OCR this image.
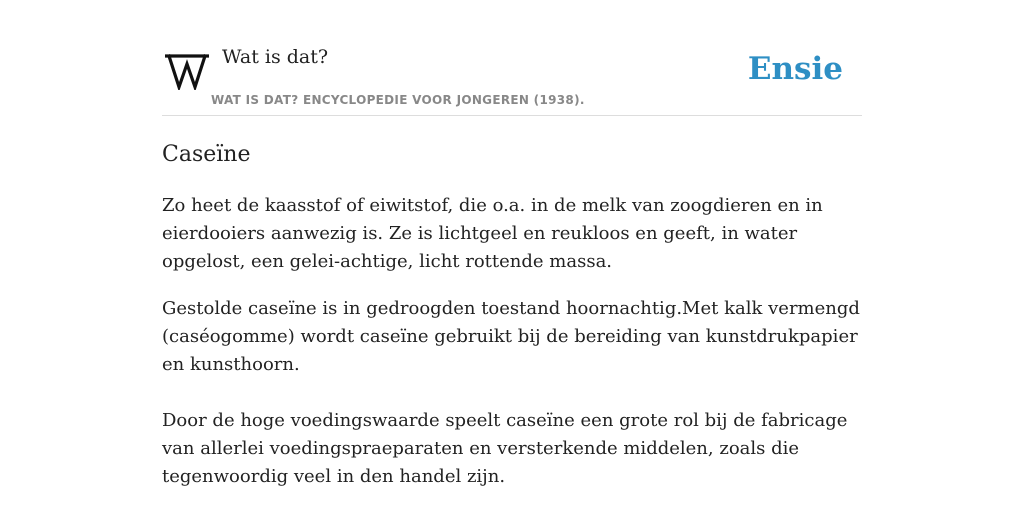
Wat is dat?
WAT IS DAT? ENCYCLOPEDIE VOOR JONGEREN (1938).
Ensie
Caseïne

Zo heet de kaasstof of eiwitstof, die o.a. in de melk van zoogdieren en in eierdooiers aanwezig is. Ze is lichtgeel en reukloos en geeft, in water opgelost, een gelei-achtige, licht rottende massa.

Gestolde caseïne is in gedroogden toestand hoornachtig.Met kalk vermengd (caséogomme) wordt caseïne gebruikt bij de bereiding van kunstdrukpapier en kunsthoorn.

Door de hoge voedingswaarde speelt caseïne een grote rol bij de fabricage van allerlei voedingspraeparaten en versterkende middelen, zoals die tegenwoordig veel in den handel zijn.
